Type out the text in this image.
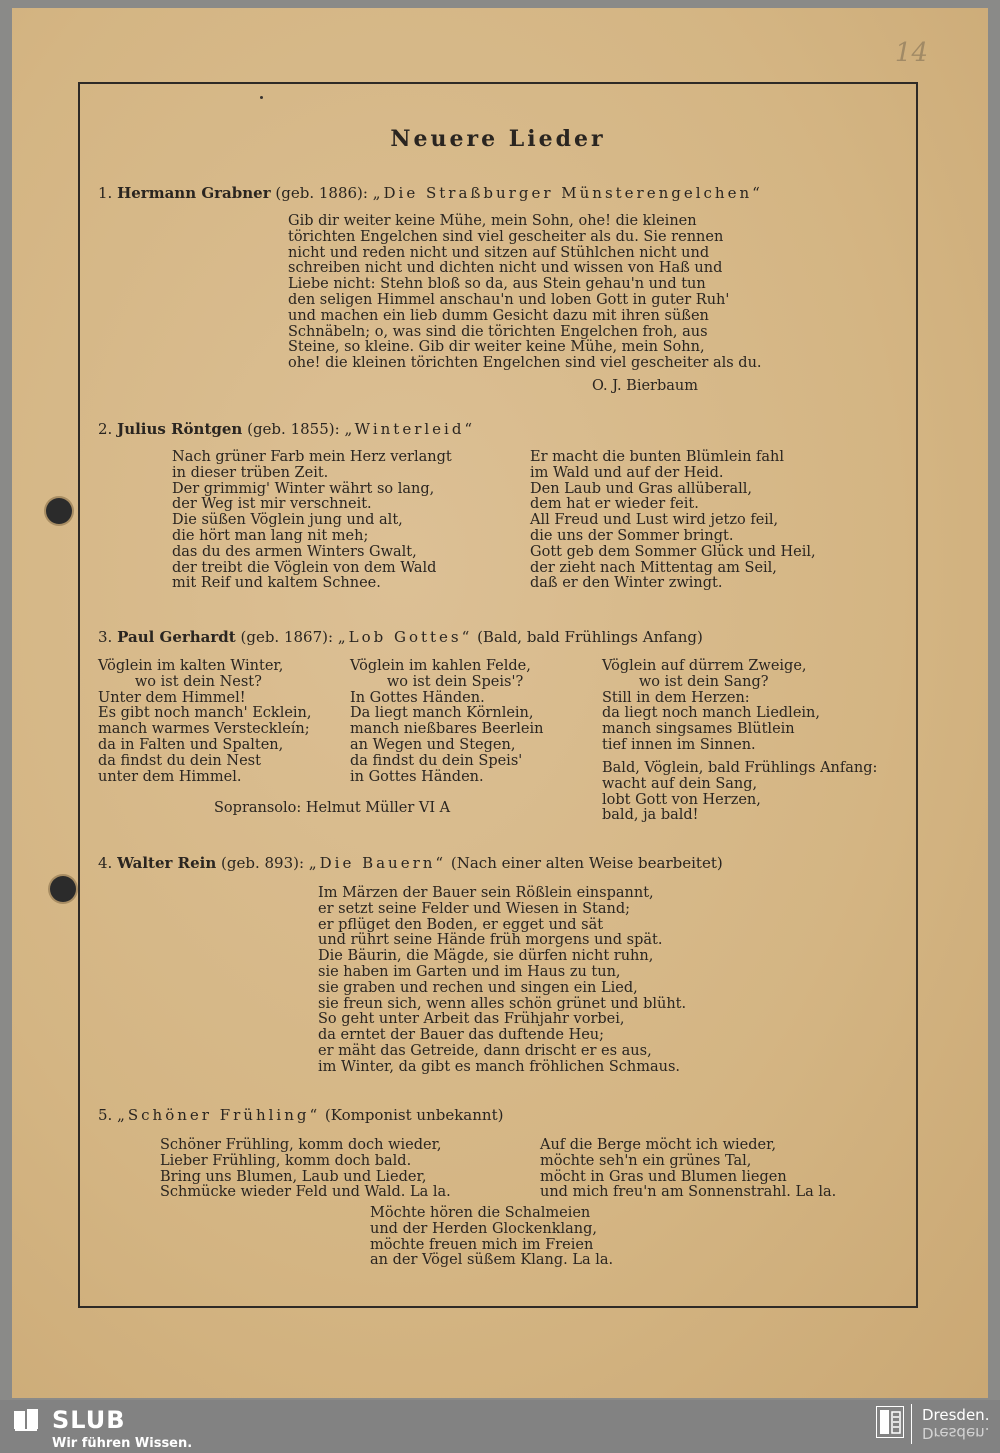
14
Neuere Lieder
1. Hermann Grabner (geb. 1886): „Die Straßburger Münsterengelchen“
Gib dir weiter keine Mühe, mein Sohn, ohe! die kleinen
törichten Engelchen sind viel gescheiter als du. Sie rennen
nicht und reden nicht und sitzen auf Stühlchen nicht und
schreiben nicht und dichten nicht und wissen von Haß und
Liebe nicht: Stehn bloß so da, aus Stein gehau'n und tun
den seligen Himmel anschau'n und loben Gott in guter Ruh'
und machen ein lieb dumm Gesicht dazu mit ihren süßen
Schnäbeln; o, was sind die törichten Engelchen froh, aus
Steine, so kleine. Gib dir weiter keine Mühe, mein Sohn,
ohe! die kleinen törichten Engelchen sind viel gescheiter als du.
O. J. Bierbaum
2. Julius Röntgen (geb. 1855): „Winterleid“
Nach grüner Farb mein Herz verlangt
in dieser trüben Zeit.
Der grimmig' Winter währt so lang,
der Weg ist mir verschneit.
Die süßen Vöglein jung und alt,
die hört man lang nit meh;
das du des armen Winters Gwalt,
der treibt die Vöglein von dem Wald
mit Reif und kaltem Schnee.
Er macht die bunten Blümlein fahl
im Wald und auf der Heid.
Den Laub und Gras allüberall,
dem hat er wieder feit.
All Freud und Lust wird jetzo feil,
die uns der Sommer bringt.
Gott geb dem Sommer Glück und Heil,
der zieht nach Mittentag am Seil,
daß er den Winter zwingt.
3. Paul Gerhardt (geb. 1867): „Lob Gottes“ (Bald, bald Frühlings Anfang)
Vöglein im kalten Winter,
wo ist dein Nest?
Unter dem Himmel!
Es gibt noch manch' Ecklein,
manch warmes Versteckleín;
da in Falten und Spalten,
da findst du dein Nest
unter dem Himmel.
Vöglein im kahlen Felde,
wo ist dein Speis'?
In Gottes Händen.
Da liegt manch Körnlein,
manch nießbares Beerlein
an Wegen und Stegen,
da findst du dein Speis'
in Gottes Händen.
Vöglein auf dürrem Zweige,
wo ist dein Sang?
Still in dem Herzen:
da liegt noch manch Liedlein,
manch singsames Blütlein
tief innen im Sinnen.
Bald, Vöglein, bald Frühlings Anfang:
wacht auf dein Sang,
lobt Gott von Herzen,
bald, ja bald!
Sopransolo: Helmut Müller VI A
4. Walter Rein (geb. 893): „Die Bauern“ (Nach einer alten Weise bearbeitet)
Im Märzen der Bauer sein Rößlein einspannt,
er setzt seine Felder und Wiesen in Stand;
er pflüget den Boden, er egget und sät
und rührt seine Hände früh morgens und spät.
Die Bäurin, die Mägde, sie dürfen nicht ruhn,
sie haben im Garten und im Haus zu tun,
sie graben und rechen und singen ein Lied,
sie freun sich, wenn alles schön grünet und blüht.
So geht unter Arbeit das Frühjahr vorbei,
da erntet der Bauer das duftende Heu;
er mäht das Getreide, dann drischt er es aus,
im Winter, da gibt es manch fröhlichen Schmaus.
5. „Schöner Frühling“ (Komponist unbekannt)
Schöner Frühling, komm doch wieder,
Lieber Frühling, komm doch bald.
Bring uns Blumen, Laub und Lieder,
Schmücke wieder Feld und Wald. La la.
Auf die Berge möcht ich wieder,
möchte seh'n ein grünes Tal,
möcht in Gras und Blumen liegen
und mich freu'n am Sonnenstrahl. La la.
Möchte hören die Schalmeien
und der Herden Glockenklang,
möchte freuen mich im Freien
an der Vögel süßem Klang. La la.
SLUB
Wir führen Wissen.
Dresden.
Dresden.
